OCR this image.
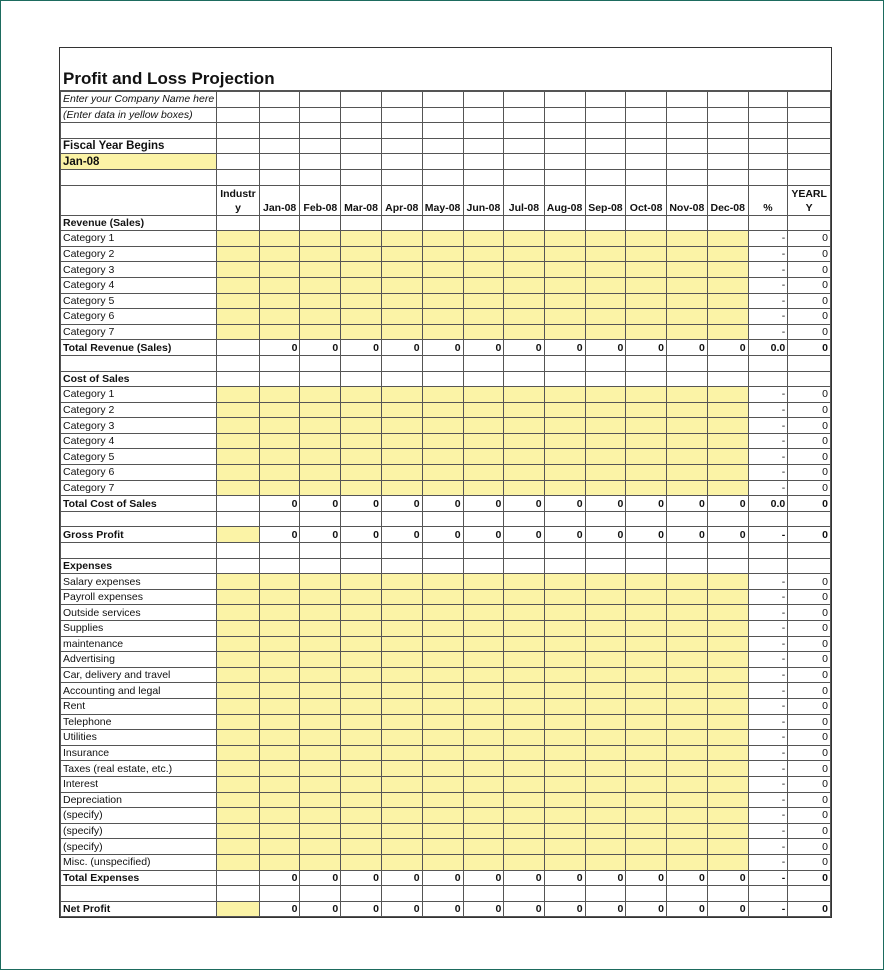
Profit and Loss Projection
Enter your Company Name here															
(Enter data in yellow boxes)															

Fiscal Year Begins															
Jan-08															

	Industr y	Jan-08	Feb-08	Mar-08	Apr-08	May-08	Jun-08	Jul-08	Aug-08	Sep-08	Oct-08	Nov-08	Dec-08	%	YEARL Y
Revenue (Sales)															
Category 1														-	0
Category 2														-	0
Category 3														-	0
Category 4														-	0
Category 5														-	0
Category 6														-	0
Category 7														-	0
Total Revenue (Sales)		0	0	0	0	0	0	0	0	0	0	0	0	0.0	0

Cost of Sales															
Category 1														-	0
Category 2														-	0
Category 3														-	0
Category 4														-	0
Category 5														-	0
Category 6														-	0
Category 7														-	0
Total Cost of Sales		0	0	0	0	0	0	0	0	0	0	0	0	0.0	0

Gross Profit		0	0	0	0	0	0	0	0	0	0	0	0	-	0

Expenses															
Salary expenses														-	0
Payroll expenses														-	0
Outside services														-	0
Supplies														-	0
maintenance														-	0
Advertising														-	0
Car, delivery and travel														-	0
Accounting and legal														-	0
Rent														-	0
Telephone														-	0
Utilities														-	0
Insurance														-	0
Taxes (real estate, etc.)														-	0
Interest														-	0
Depreciation														-	0
(specify)														-	0
(specify)														-	0
(specify)														-	0
Misc. (unspecified)														-	0
Total Expenses		0	0	0	0	0	0	0	0	0	0	0	0	-	0

Net Profit		0	0	0	0	0	0	0	0	0	0	0	0	-	0
